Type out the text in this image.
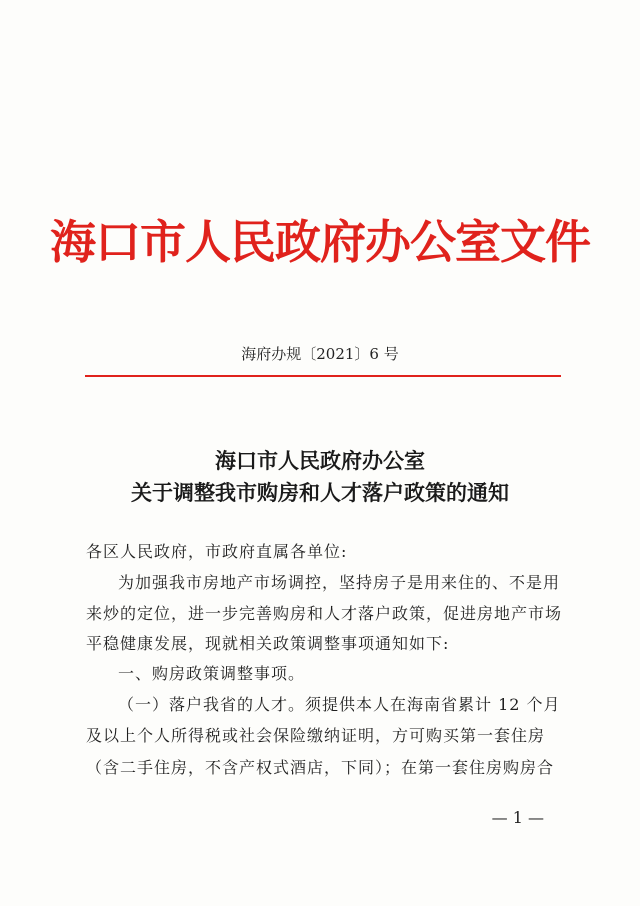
海口市人民政府办公室文件
海府办规〔2021〕6 号
海口市人民政府办公室
关于调整我市购房和人才落户政策的通知
各区人民政府，市政府直属各单位:
为加强我市房地产市场调控，坚持房子是用来住的、不是用
来炒的定位，进一步完善购房和人才落户政策，促进房地产市场
平稳健康发展，现就相关政策调整事项通知如下:
一、购房政策调整事项。
（一）落户我省的人才。须提供本人在海南省累计 12 个月
及以上个人所得税或社会保险缴纳证明，方可购买第一套住房
（含二手住房，不含产权式酒店，下同）；在第一套住房购房合
— 1 —
